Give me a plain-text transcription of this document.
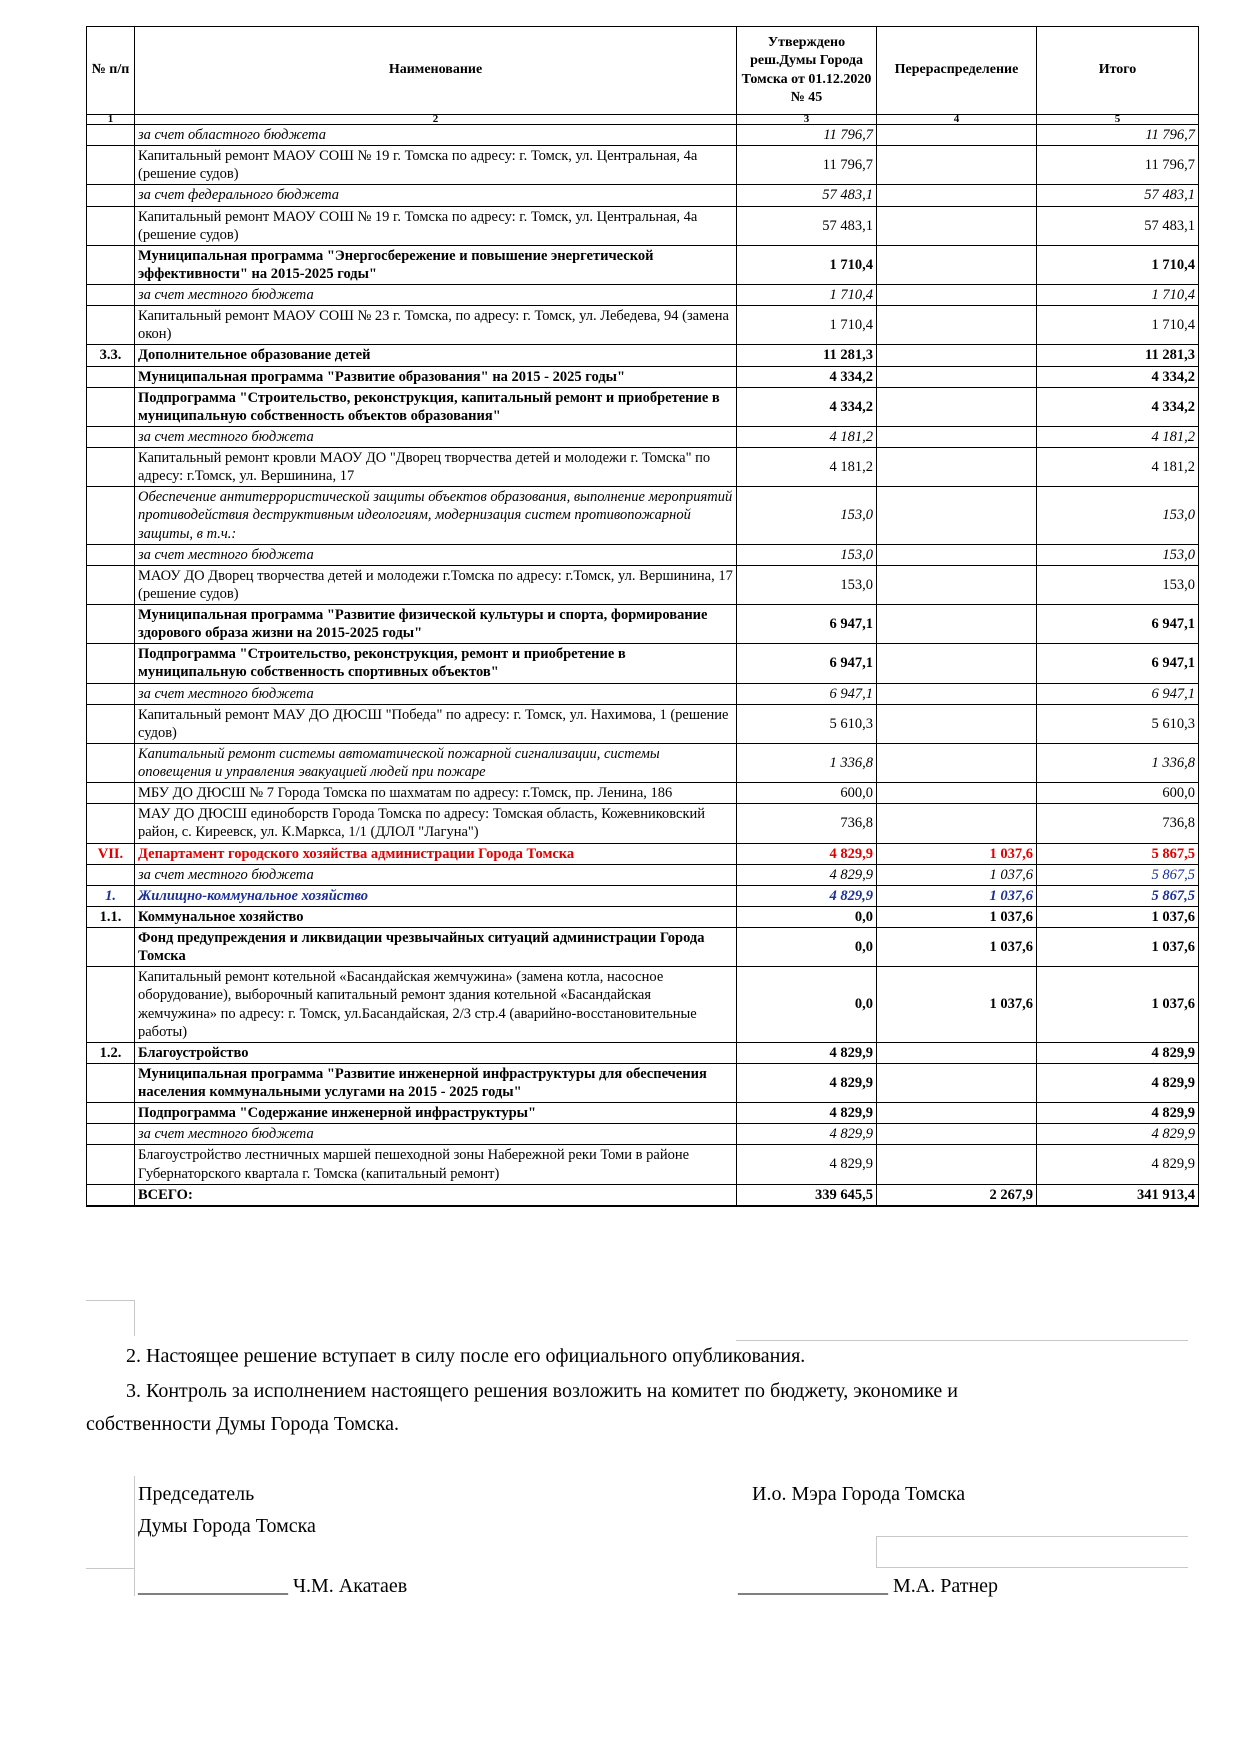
№ п/п	Наименование	Утверждено реш.Думы Города Томска от 01.12.2020 № 45	Перераспределение	Итого
1	2	3	4	5
	за счет областного бюджета	11 796,7		11 796,7
	Капитальный ремонт МАОУ СОШ № 19 г. Томска по адресу: г. Томск, ул. Центральная, 4а (решение судов)	11 796,7		11 796,7
	за счет федерального бюджета	57 483,1		57 483,1
	Капитальный ремонт МАОУ СОШ № 19 г. Томска по адресу: г. Томск, ул. Центральная, 4а (решение судов)	57 483,1		57 483,1
	Муниципальная программа "Энергосбережение и повышение энергетической эффективности" на 2015-2025 годы"	1 710,4		1 710,4
	за счет местного бюджета	1 710,4		1 710,4
	Капитальный ремонт МАОУ СОШ № 23 г. Томска, по адресу: г. Томск, ул. Лебедева, 94 (замена окон)	1 710,4		1 710,4
3.3.	Дополнительное образование детей	11 281,3		11 281,3
	Муниципальная программа "Развитие образования" на 2015 - 2025 годы"	4 334,2		4 334,2
	Подпрограмма "Строительство, реконструкция, капитальный ремонт и приобретение в муниципальную собственность объектов образования"	4 334,2		4 334,2
	за счет местного бюджета	4 181,2		4 181,2
	Капитальный ремонт кровли МАОУ ДО "Дворец творчества детей и молодежи г. Томска" по адресу: г.Томск, ул. Вершинина, 17	4 181,2		4 181,2
	Обеспечение антитеррористической защиты объектов образования, выполнение мероприятий противодействия деструктивным идеологиям, модернизация систем противопожарной защиты, в т.ч.:	153,0		153,0
	за счет местного бюджета	153,0		153,0
	МАОУ ДО Дворец творчества детей и молодежи г.Томска по адресу: г.Томск, ул. Вершинина, 17 (решение судов)	153,0		153,0
	Муниципальная программа "Развитие физической культуры и спорта, формирование здорового образа жизни на 2015-2025 годы"	6 947,1		6 947,1
	Подпрограмма "Строительство, реконструкция, ремонт и приобретение в муниципальную собственность спортивных объектов"	6 947,1		6 947,1
	за счет местного бюджета	6 947,1		6 947,1
	Капитальный ремонт МАУ ДО ДЮСШ "Победа" по адресу: г. Томск, ул. Нахимова, 1 (решение судов)	5 610,3		5 610,3
	Капитальный ремонт системы автоматической пожарной сигнализации, системы оповещения и управления эвакуацией людей при пожаре	1 336,8		1 336,8
	МБУ ДО ДЮСШ № 7 Города Томска по шахматам по адресу: г.Томск, пр. Ленина, 186	600,0		600,0
	МАУ ДО ДЮСШ единоборств Города Томска по адресу: Томская область, Кожевниковский район, с. Киреевск, ул. К.Маркса, 1/1 (ДЛОЛ "Лагуна")	736,8		736,8
VII.	Департамент городского хозяйства администрации Города Томска	4 829,9	1 037,6	5 867,5
	за счет местного бюджета	4 829,9	1 037,6	5 867,5
1.	Жилищно-коммунальное хозяйство	4 829,9	1 037,6	5 867,5
1.1.	Коммунальное хозяйство	0,0	1 037,6	1 037,6
	Фонд предупреждения и ликвидации чрезвычайных ситуаций администрации Города Томска	0,0	1 037,6	1 037,6
	Капитальный ремонт котельной «Басандайская жемчужина» (замена котла, насосное оборудование), выборочный капитальный ремонт здания котельной «Басандайская жемчужина» по адресу: г. Томск, ул.Басандайская, 2/3 стр.4 (аварийно-восстановительные работы)	0,0	1 037,6	1 037,6
1.2.	Благоустройство	4 829,9		4 829,9
	Муниципальная программа "Развитие инженерной инфраструктуры для обеспечения населения коммунальными услугами на 2015 - 2025 годы"	4 829,9		4 829,9
	Подпрограмма "Содержание инженерной инфраструктуры"	4 829,9		4 829,9
	за счет местного бюджета	4 829,9		4 829,9
	Благоустройство лестничных маршей пешеходной зоны Набережной реки Томи в районе Губернаторского квартала г. Томска (капитальный ремонт)	4 829,9		4 829,9
	ВСЕГО:	339 645,5	2 267,9	341 913,4
2. Настоящее решение вступает в силу после его официального опубликования.
3. Контроль за исполнением настоящего решения возложить на комитет по бюджету, экономике и
собственности Думы Города Томска.
Председатель
Думы Города Томска
_______________ Ч.М. Акатаев
И.о. Мэра Города Томска
_______________ М.А. Ратнер
